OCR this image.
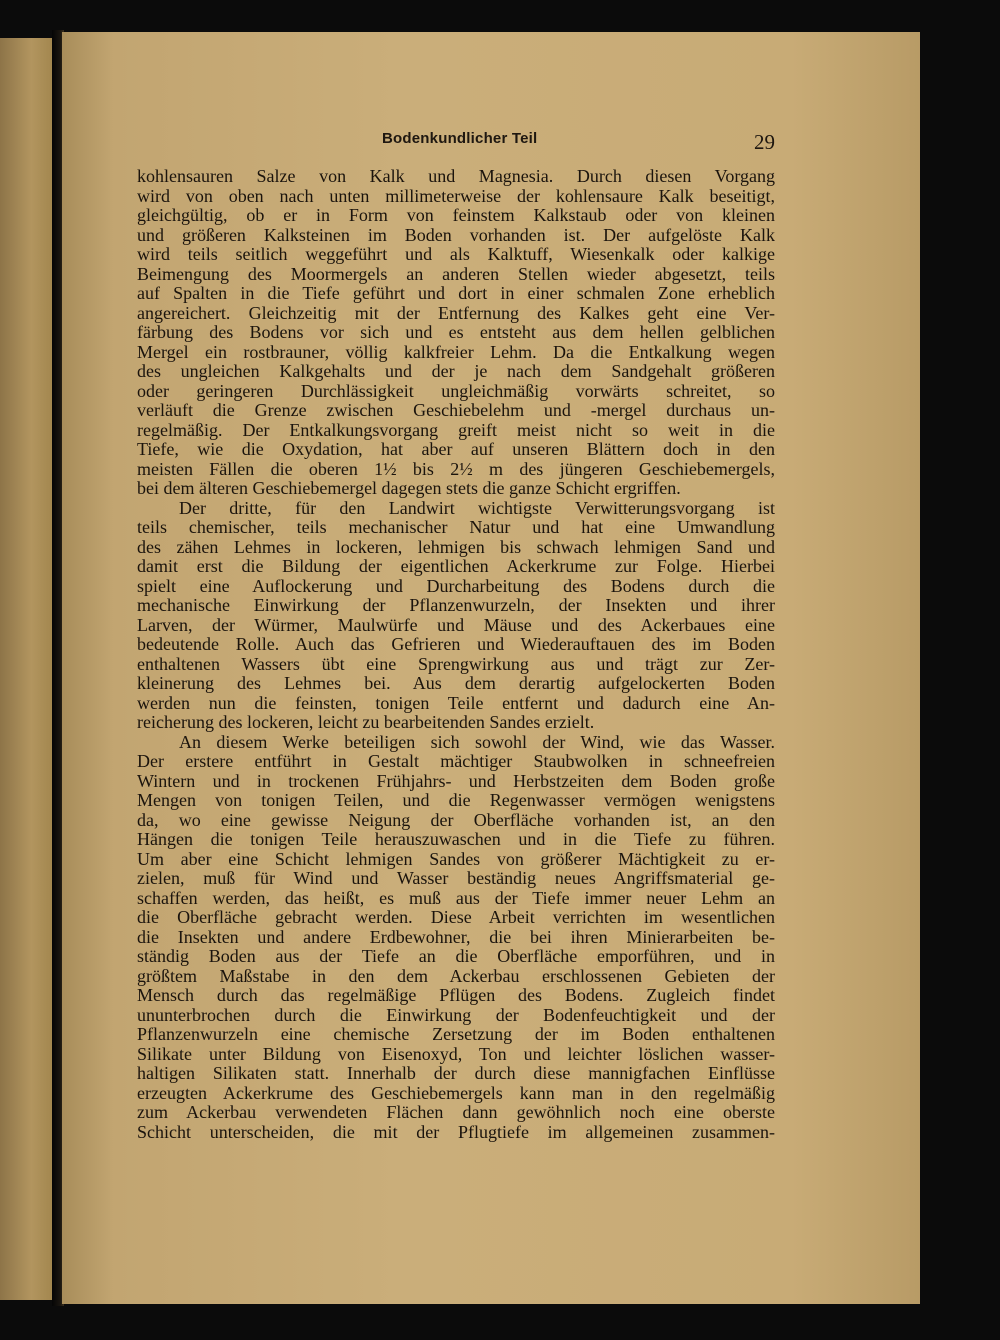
Bodenkundlicher Teil	29
kohlensauren Salze von Kalk und Magnesia. Durch diesen Vorgang
wird von oben nach unten millimeterweise der kohlensaure Kalk beseitigt,
gleichgültig, ob er in Form von feinstem Kalkstaub oder von kleinen
und größeren Kalksteinen im Boden vorhanden ist. Der aufgelöste Kalk
wird teils seitlich weggeführt und als Kalktuff, Wiesenkalk oder kalkige
Beimengung des Moormergels an anderen Stellen wieder abgesetzt, teils
auf Spalten in die Tiefe geführt und dort in einer schmalen Zone erheblich
angereichert. Gleichzeitig mit der Entfernung des Kalkes geht eine Ver-
färbung des Bodens vor sich und es entsteht aus dem hellen gelblichen
Mergel ein rostbrauner, völlig kalkfreier Lehm. Da die Entkalkung wegen
des ungleichen Kalkgehalts und der je nach dem Sandgehalt größeren
oder geringeren Durchlässigkeit ungleichmäßig vorwärts schreitet, so
verläuft die Grenze zwischen Geschiebelehm und -mergel durchaus un-
regelmäßig. Der Entkalkungsvorgang greift meist nicht so weit in die
Tiefe, wie die Oxydation, hat aber auf unseren Blättern doch in den
meisten Fällen die oberen 1½ bis 2½ m des jüngeren Geschiebemergels,
bei dem älteren Geschiebemergel dagegen stets die ganze Schicht ergriffen.
Der dritte, für den Landwirt wichtigste Verwitterungsvorgang ist
teils chemischer, teils mechanischer Natur und hat eine Umwandlung
des zähen Lehmes in lockeren, lehmigen bis schwach lehmigen Sand und
damit erst die Bildung der eigentlichen Ackerkrume zur Folge. Hierbei
spielt eine Auflockerung und Durcharbeitung des Bodens durch die
mechanische Einwirkung der Pflanzenwurzeln, der Insekten und ihrer
Larven, der Würmer, Maulwürfe und Mäuse und des Ackerbaues eine
bedeutende Rolle. Auch das Gefrieren und Wiederauftauen des im Boden
enthaltenen Wassers übt eine Sprengwirkung aus und trägt zur Zer-
kleinerung des Lehmes bei. Aus dem derartig aufgelockerten Boden
werden nun die feinsten, tonigen Teile entfernt und dadurch eine An-
reicherung des lockeren, leicht zu bearbeitenden Sandes erzielt.
An diesem Werke beteiligen sich sowohl der Wind, wie das Wasser.
Der erstere entführt in Gestalt mächtiger Staubwolken in schneefreien
Wintern und in trockenen Frühjahrs- und Herbstzeiten dem Boden große
Mengen von tonigen Teilen, und die Regenwasser vermögen wenigstens
da, wo eine gewisse Neigung der Oberfläche vorhanden ist, an den
Hängen die tonigen Teile herauszuwaschen und in die Tiefe zu führen.
Um aber eine Schicht lehmigen Sandes von größerer Mächtigkeit zu er-
zielen, muß für Wind und Wasser beständig neues Angriffsmaterial ge-
schaffen werden, das heißt, es muß aus der Tiefe immer neuer Lehm an
die Oberfläche gebracht werden. Diese Arbeit verrichten im wesentlichen
die Insekten und andere Erdbewohner, die bei ihren Minierarbeiten be-
ständig Boden aus der Tiefe an die Oberfläche emporführen, und in
größtem Maßstabe in den dem Ackerbau erschlossenen Gebieten der
Mensch durch das regelmäßige Pflügen des Bodens. Zugleich findet
ununterbrochen durch die Einwirkung der Bodenfeuchtigkeit und der
Pflanzenwurzeln eine chemische Zersetzung der im Boden enthaltenen
Silikate unter Bildung von Eisenoxyd, Ton und leichter löslichen wasser-
haltigen Silikaten statt. Innerhalb der durch diese mannigfachen Einflüsse
erzeugten Ackerkrume des Geschiebemergels kann man in den regelmäßig
zum Ackerbau verwendeten Flächen dann gewöhnlich noch eine oberste
Schicht unterscheiden, die mit der Pflugtiefe im allgemeinen zusammen-
